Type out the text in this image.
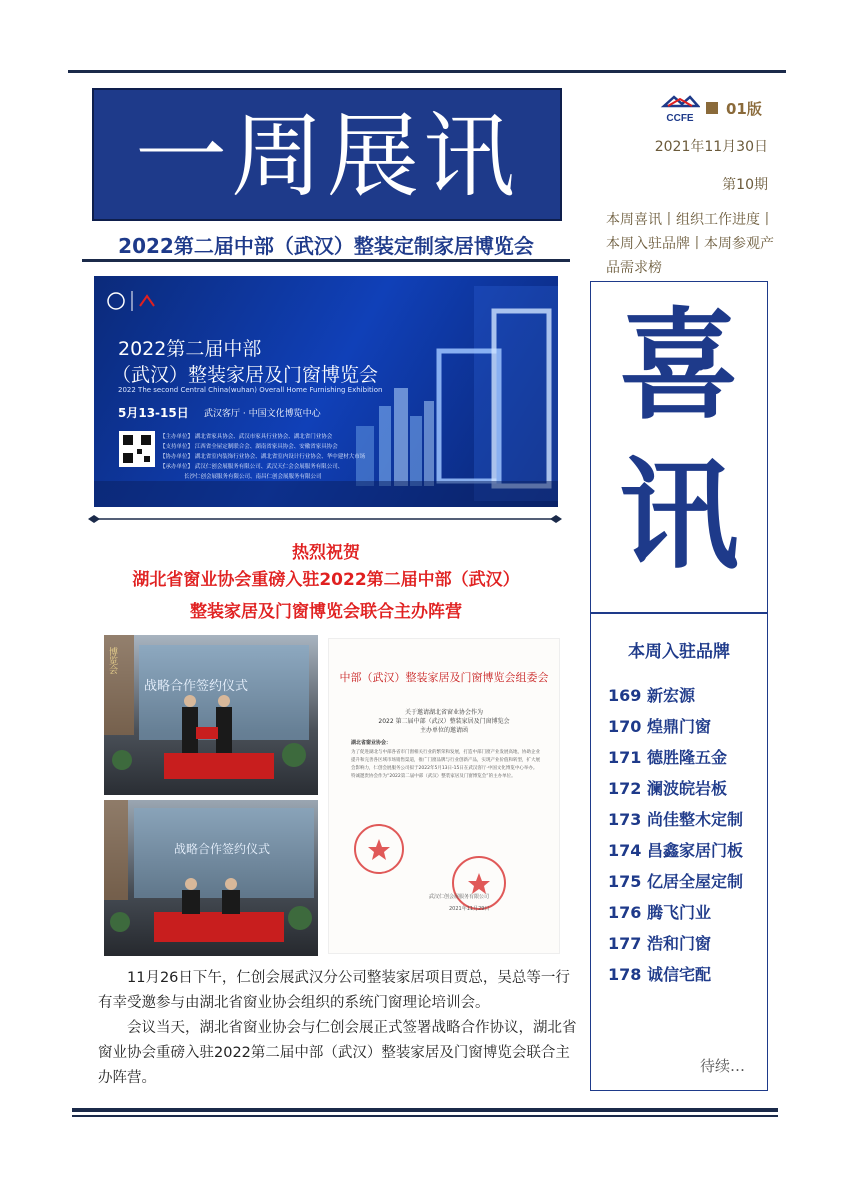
一周展讯
2022第二届中部（武汉）整装定制家居博览会
CCFE
01版
2021年11月30日
第10期
本周喜讯丨组织工作进度丨本周入驻品牌丨本周参观产品需求榜
2022第二届中部
（武汉）整装家居及门窗博览会
2022 The second Central China(wuhan) Overall Home Furnishing Exhibition
5月13-15日 武汉客厅 · 中国文化博览中心
【主办单位】 湖北省家具协会、武汉市家具行业协会、湖北省门业协会
【支持单位】 江西省全屋定制联合会、湖南省家具协会、安徽省家具协会
【协办单位】 湖北省室内装饰行业协会、湖北省室内设计行业协会、华中建材大市场
【承办单位】 武汉仁创会展服务有限公司、武汉天仁会会展服务有限公司、
长沙仁创会展服务有限公司、南昌仁创会展服务有限公司
热烈祝贺
湖北省窗业协会重磅入驻2022第二届中部（武汉）
整装家居及门窗博览会联合主办阵营
战略合作签约仪式
博览会
战略合作签约仪式
中部（武汉）整装家居及门窗博览会组委会
关于邀请湖北省窗业协会作为
2022 第二届中部（武汉）整装家居及门窗博览会
主办单位的邀请函
湖北省窗业协会：
为了促进湖北与中部各省市门窗相关行业的繁荣和发展，打造中部门窗产业发展高地，协助企业提升和完善各区域市场销售渠道，推广门窗品牌与行业创新产品，实现产业价值和转型，扩大展会影响力，仁创会展服务公司拟于2022年5月13日-15日在武汉客厅·中国文化博览中心举办。特诚邀贵协会作为“2022第二届中部（武汉）整装家居及门窗博览会”的主办单位。
武汉仁创会展服务有限公司
2021年11月29日

11月26日下午，仁创会展武汉分公司整装家居项目贾总，吴总等一行有幸受邀参与由湖北省窗业协会组织的系统门窗理论培训会。

会议当天，湖北省窗业协会与仁创会展正式签署战略合作协议，湖北省窗业协会重磅入驻2022第二届中部（武汉）整装家居及门窗博览会联合主办阵营。

喜
讯
本周入驻品牌
169 新宏源
170 煌鼎门窗
171 德胜隆五金
172 澜波皖岩板
173 尚佳整木定制
174 昌鑫家居门板
175 亿居全屋定制
176 腾飞门业
177 浩和门窗
178 诚信宅配
待续…
